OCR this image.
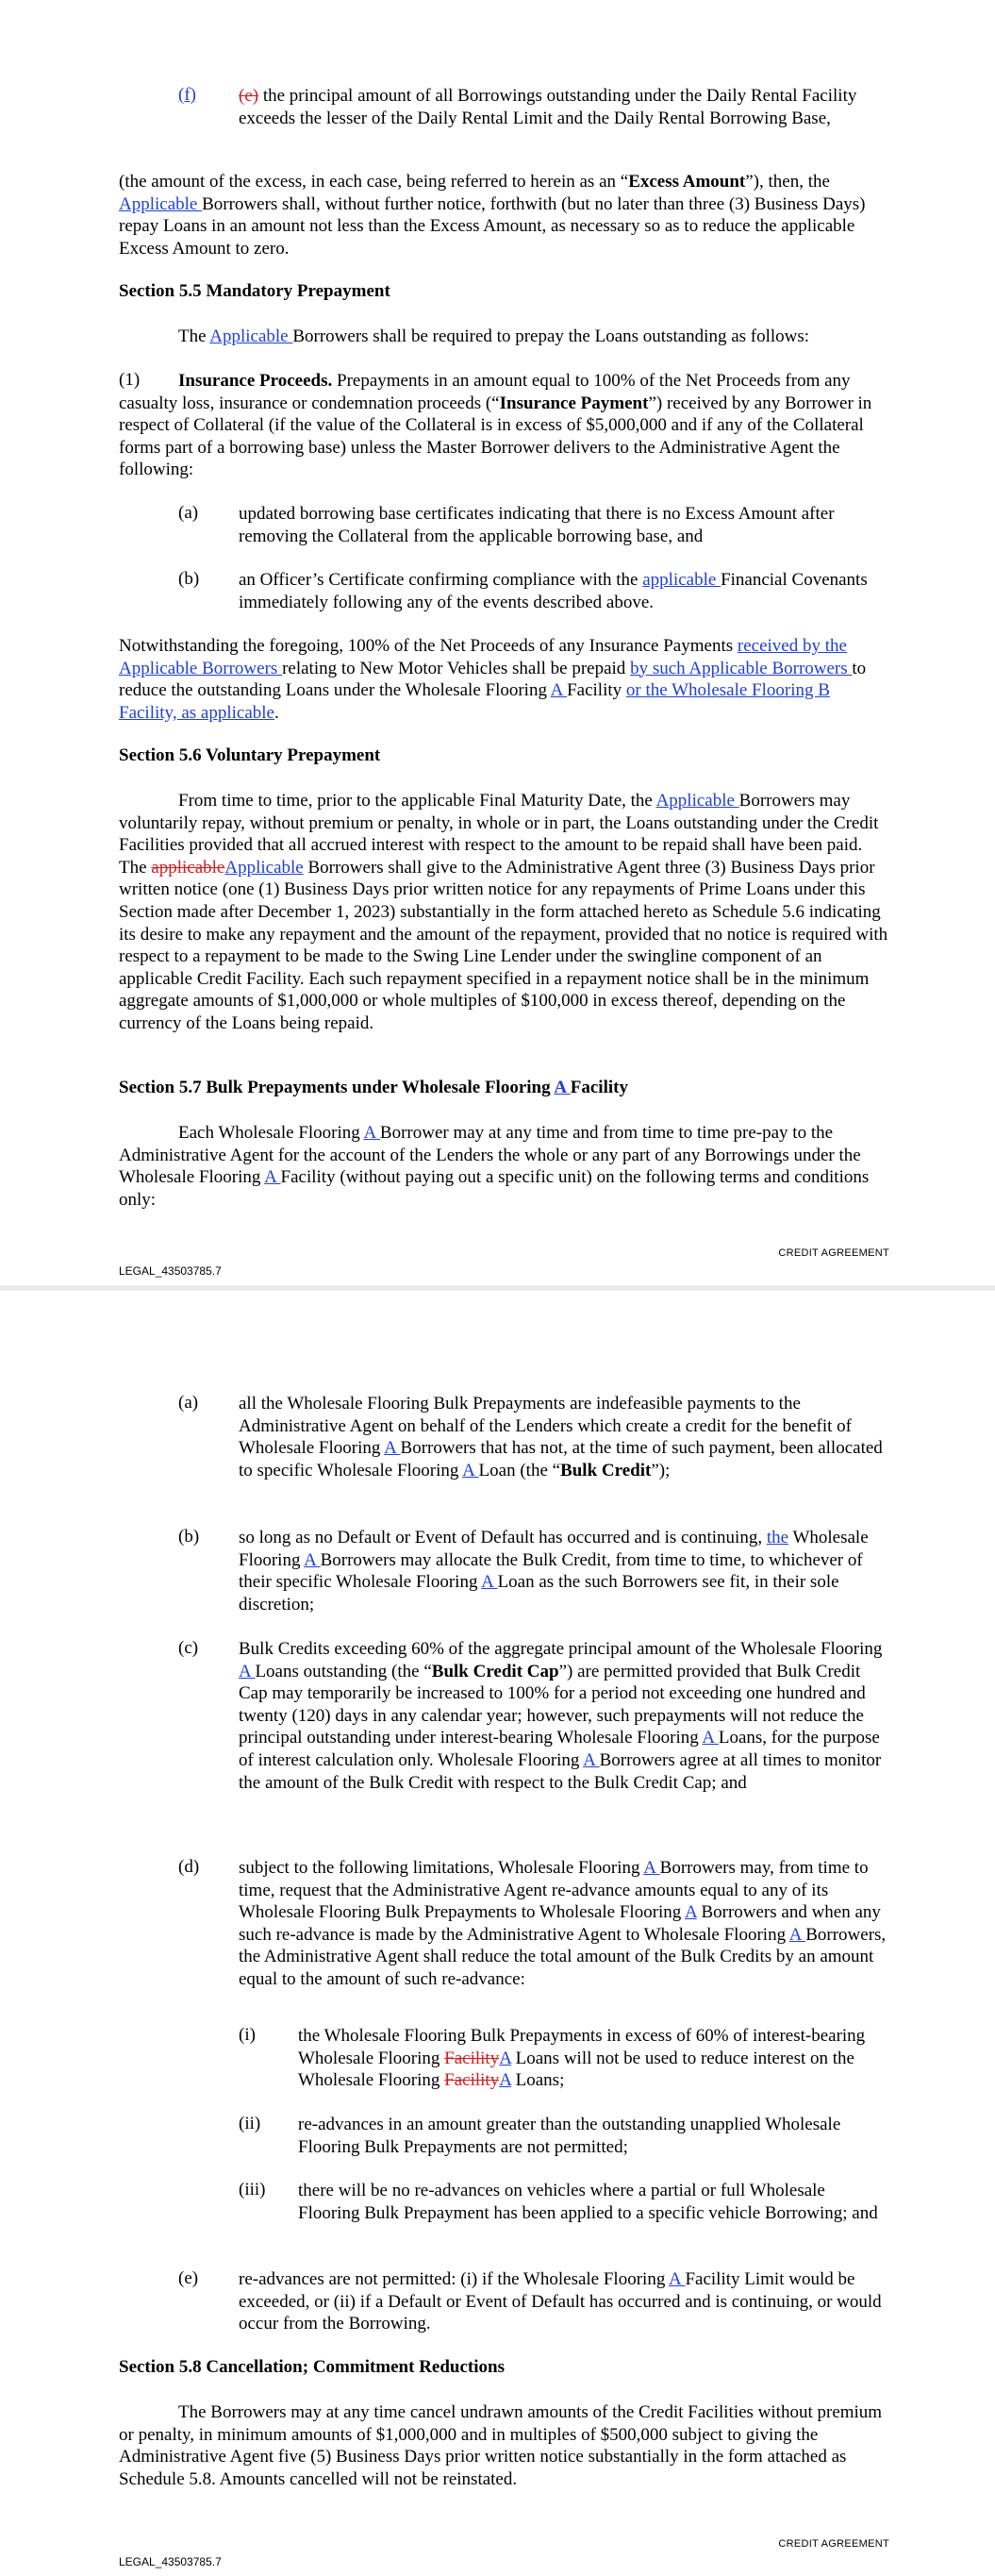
(f) (e) the principal amount of all Borrowings outstanding under the Daily Rental Facility exceeds the lesser of the Daily Rental Limit and the Daily Rental Borrowing Base,
(the amount of the excess, in each case, being referred to herein as an “Excess Amount”), then, the Applicable Borrowers shall, without further notice, forthwith (but no later than three (3) Business Days) repay Loans in an amount not less than the Excess Amount, as necessary so as to reduce the applicable Excess Amount to zero.
Section 5.5 Mandatory Prepayment
The Applicable Borrowers shall be required to prepay the Loans outstanding as follows:
(1)	Insurance Proceeds. Prepayments in an amount equal to 100% of the Net Proceeds from any casualty loss, insurance or condemnation proceeds (“Insurance Payment”) received by any Borrower in respect of Collateral (if the value of the Collateral is in excess of $5,000,000 and if any of the Collateral forms part of a borrowing base) unless the Master Borrower delivers to the Administrative Agent the following:
(a) updated borrowing base certificates indicating that there is no Excess Amount after removing the Collateral from the applicable borrowing base, and
(b) an Officer’s Certificate confirming compliance with the applicable Financial Covenants immediately following any of the events described above.
Notwithstanding the foregoing, 100% of the Net Proceeds of any Insurance Payments received by the Applicable Borrowers relating to New Motor Vehicles shall be prepaid by such Applicable Borrowers to reduce the outstanding Loans under the Wholesale Flooring A Facility or the Wholesale Flooring B Facility, as applicable.
Section 5.6 Voluntary Prepayment
From time to time, prior to the applicable Final Maturity Date, the Applicable Borrowers may voluntarily repay, without premium or penalty, in whole or in part, the Loans outstanding under the Credit Facilities provided that all accrued interest with respect to the amount to be repaid shall have been paid. The applicableApplicable Borrowers shall give to the Administrative Agent three (3) Business Days prior written notice (one (1) Business Days prior written notice for any repayments of Prime Loans under this Section made after December 1, 2023) substantially in the form attached hereto as Schedule 5.6 indicating its desire to make any repayment and the amount of the repayment, provided that no notice is required with respect to a repayment to be made to the Swing Line Lender under the swingline component of an applicable Credit Facility. Each such repayment specified in a repayment notice shall be in the minimum aggregate amounts of $1,000,000 or whole multiples of $100,000 in excess thereof, depending on the currency of the Loans being repaid.
Section 5.7 Bulk Prepayments under Wholesale Flooring A Facility
Each Wholesale Flooring A Borrower may at any time and from time to time pre-pay to the Administrative Agent for the account of the Lenders the whole or any part of any Borrowings under the Wholesale Flooring A Facility (without paying out a specific unit) on the following terms and conditions only:
CREDIT AGREEMENT
LEGAL_43503785.7
(a) all the Wholesale Flooring Bulk Prepayments are indefeasible payments to the Administrative Agent on behalf of the Lenders which create a credit for the benefit of Wholesale Flooring A Borrowers that has not, at the time of such payment, been allocated to specific Wholesale Flooring A Loan (the “Bulk Credit”);
(b) so long as no Default or Event of Default has occurred and is continuing, the Wholesale Flooring A Borrowers may allocate the Bulk Credit, from time to time, to whichever of their specific Wholesale Flooring A Loan as the such Borrowers see fit, in their sole discretion;
(c) Bulk Credits exceeding 60% of the aggregate principal amount of the Wholesale Flooring A Loans outstanding (the “Bulk Credit Cap”) are permitted provided that Bulk Credit Cap may temporarily be increased to 100% for a period not exceeding one hundred and twenty (120) days in any calendar year; however, such prepayments will not reduce the principal outstanding under interest-bearing Wholesale Flooring A Loans, for the purpose of interest calculation only. Wholesale Flooring A Borrowers agree at all times to monitor the amount of the Bulk Credit with respect to the Bulk Credit Cap; and
(d) subject to the following limitations, Wholesale Flooring A Borrowers may, from time to time, request that the Administrative Agent re-advance amounts equal to any of its Wholesale Flooring Bulk Prepayments to Wholesale Flooring A Borrowers and when any such re-advance is made by the Administrative Agent to Wholesale Flooring A Borrowers, the Administrative Agent shall reduce the total amount of the Bulk Credits by an amount equal to the amount of such re-advance:
(i) the Wholesale Flooring Bulk Prepayments in excess of 60% of interest-bearing Wholesale Flooring FacilityA Loans will not be used to reduce interest on the Wholesale Flooring FacilityA Loans;
(ii) re-advances in an amount greater than the outstanding unapplied Wholesale Flooring Bulk Prepayments are not permitted;
(iii) there will be no re-advances on vehicles where a partial or full Wholesale Flooring Bulk Prepayment has been applied to a specific vehicle Borrowing; and
(e) re-advances are not permitted: (i) if the Wholesale Flooring A Facility Limit would be exceeded, or (ii) if a Default or Event of Default has occurred and is continuing, or would occur from the Borrowing.
Section 5.8 Cancellation; Commitment Reductions
The Borrowers may at any time cancel undrawn amounts of the Credit Facilities without premium or penalty, in minimum amounts of $1,000,000 and in multiples of $500,000 subject to giving the Administrative Agent five (5) Business Days prior written notice substantially in the form attached as Schedule 5.8. Amounts cancelled will not be reinstated.
CREDIT AGREEMENT
LEGAL_43503785.7
